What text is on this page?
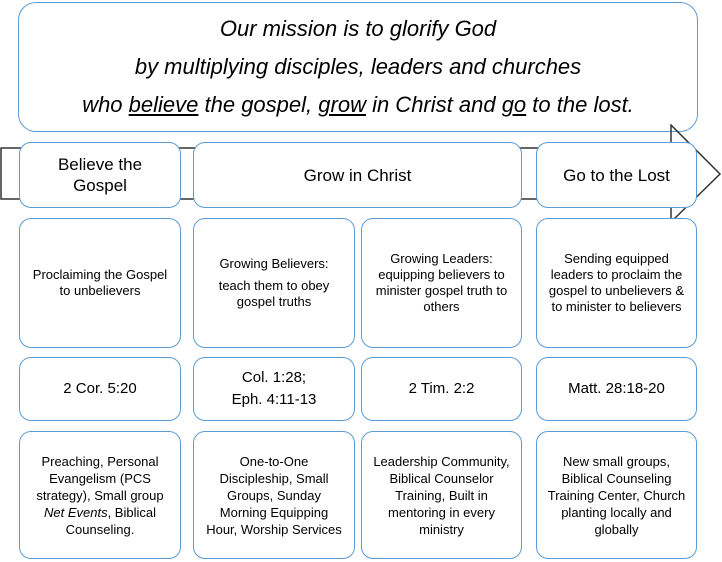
Our mission is to glorify God
by multiplying disciples, leaders and churches
who believe the gospel, grow in Christ and go to the lost.
Believe the Gospel
Grow in Christ	Go to the Lost
Proclaiming the Gospel to unbelievers
Growing Believers:
teach them to obey gospel truths
Growing Leaders: equipping believers to minister gospel truth to others
Sending equipped leaders to proclaim the gospel to unbelievers & to minister to believers
2 Cor. 5:20
Col. 1:28;
Eph. 4:11-13
2 Tim. 2:2	Matt. 28:18-20
Preaching, Personal Evangelism (PCS strategy), Small group Net Events, Biblical Counseling.
One-to-One Discipleship, Small Groups, Sunday Morning Equipping Hour, Worship Services
Leadership Community, Biblical Counselor Training, Built in mentoring in every ministry
New small groups, Biblical Counseling Training Center, Church planting locally and globally
